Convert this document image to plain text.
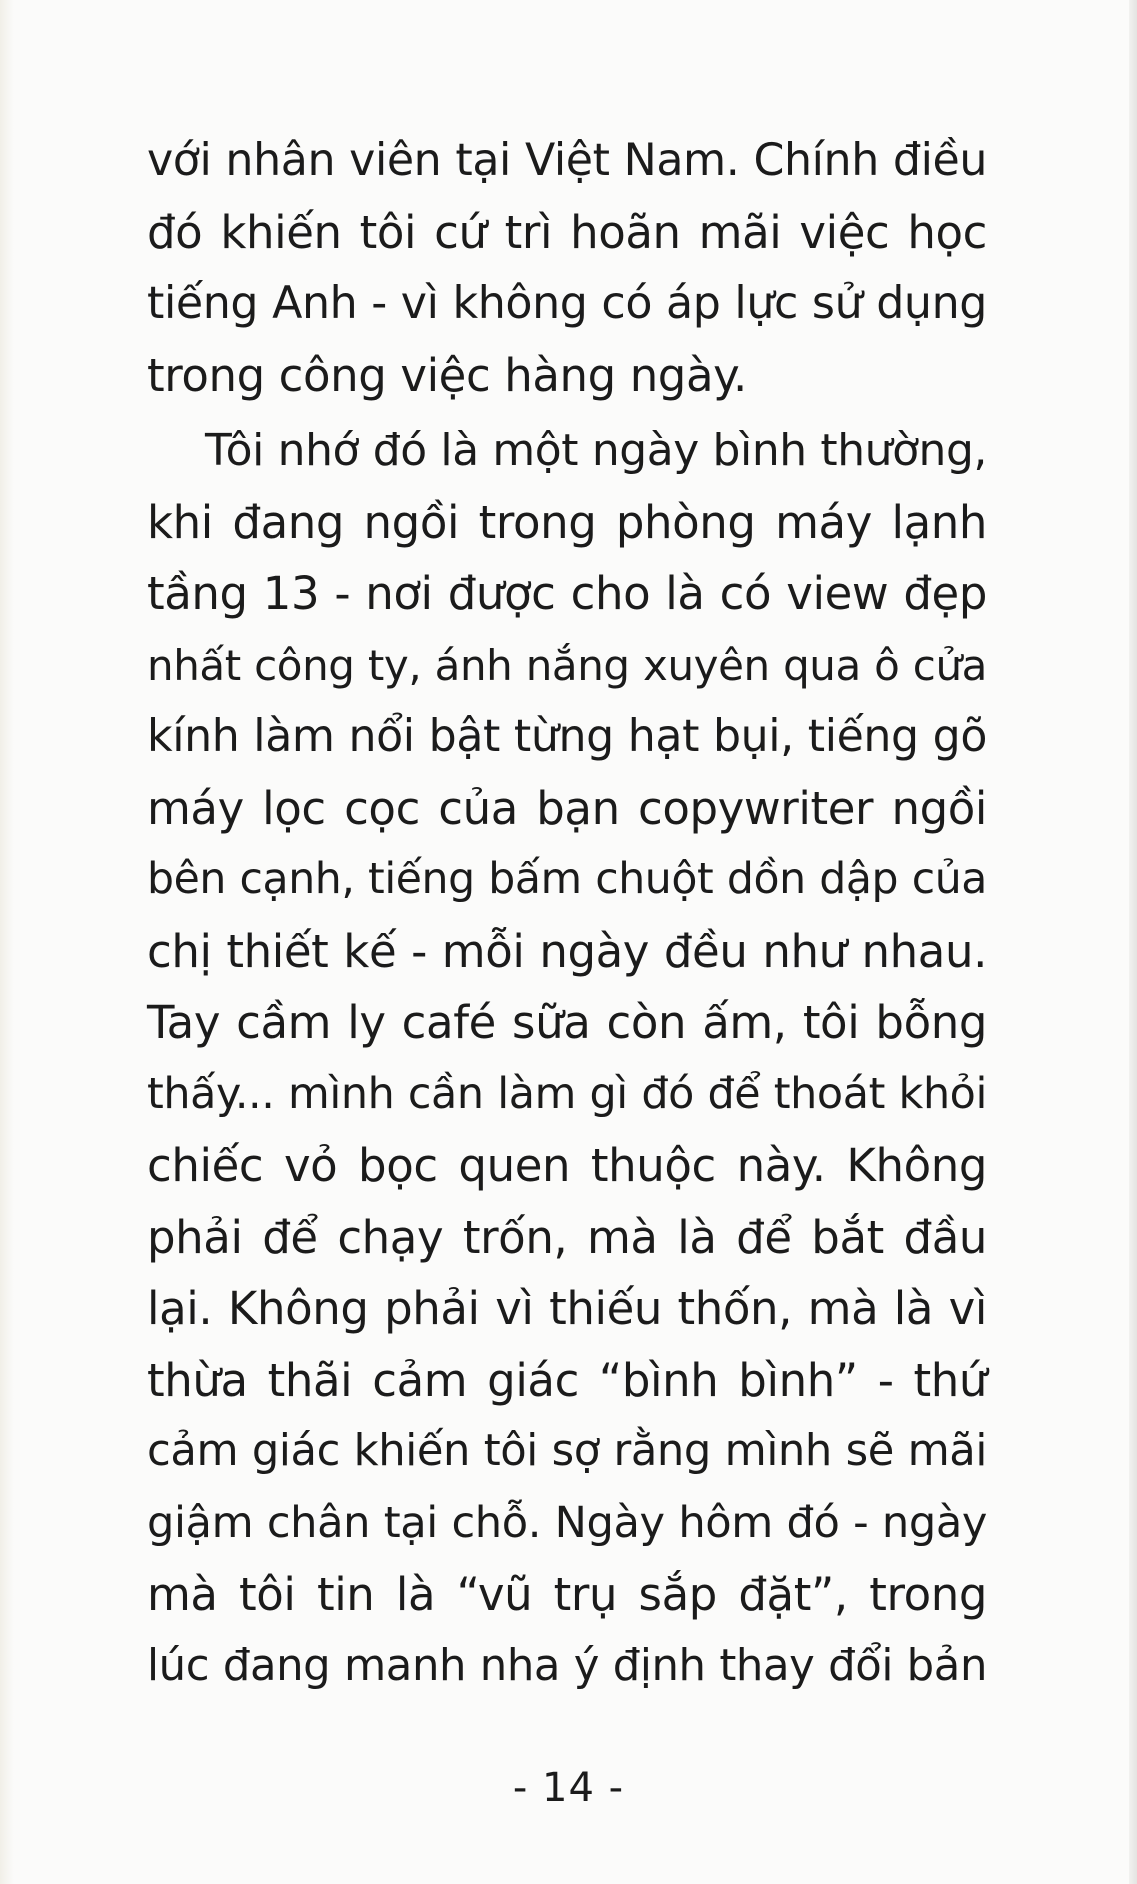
với nhân viên tại Việt Nam. Chính điều
đó khiến tôi cứ trì hoãn mãi việc học
tiếng Anh - vì không có áp lực sử dụng
trong công việc hàng ngày.

Tôi nhớ đó là một ngày bình thường,
khi đang ngồi trong phòng máy lạnh
tầng 13 - nơi được cho là có view đẹp
nhất công ty, ánh nắng xuyên qua ô cửa
kính làm nổi bật từng hạt bụi, tiếng gõ
máy lọc cọc của bạn copywriter ngồi
bên cạnh, tiếng bấm chuột dồn dập của
chị thiết kế - mỗi ngày đều như nhau.
Tay cầm ly café sữa còn ấm, tôi bỗng
thấy... mình cần làm gì đó để thoát khỏi
chiếc vỏ bọc quen thuộc này. Không
phải để chạy trốn, mà là để bắt đầu
lại. Không phải vì thiếu thốn, mà là vì
thừa thãi cảm giác “bình bình” - thứ
cảm giác khiến tôi sợ rằng mình sẽ mãi
giậm chân tại chỗ. Ngày hôm đó - ngày
mà tôi tin là “vũ trụ sắp đặt”, trong
lúc đang manh nha ý định thay đổi bản

- 14 -
